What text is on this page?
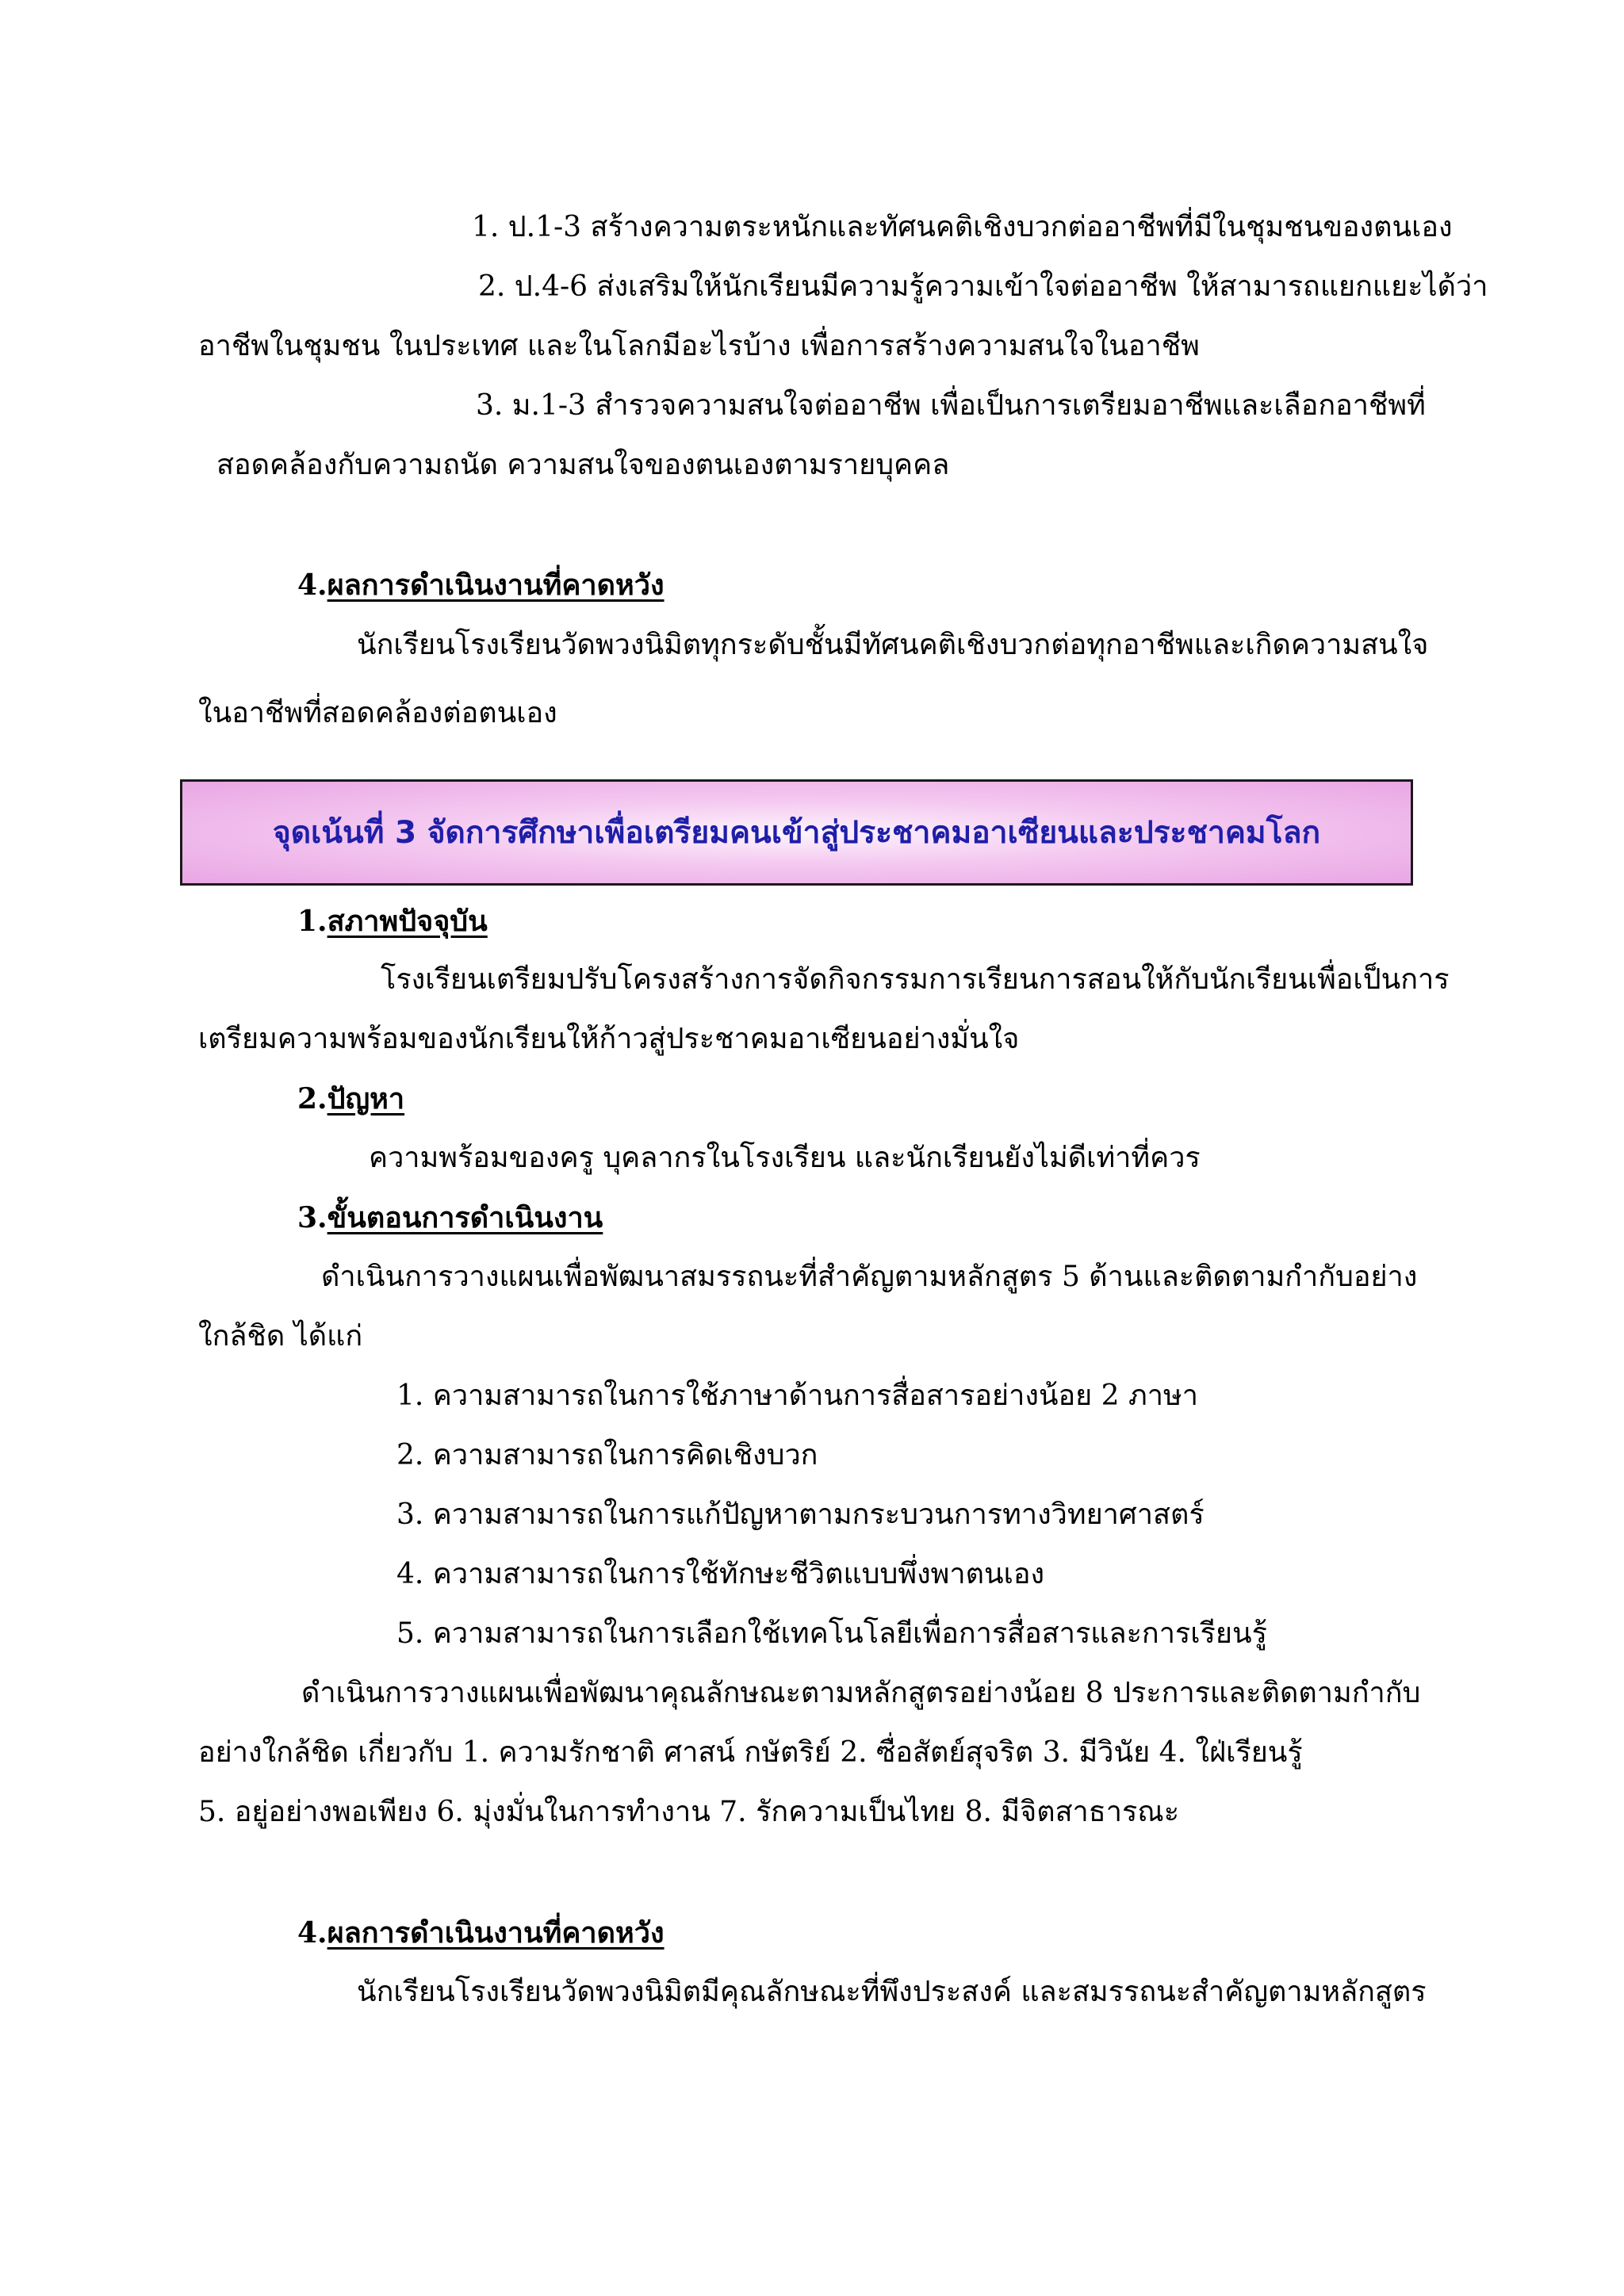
1. ป.1-3 สร้างความตระหนักและทัศนคติเชิงบวกต่ออาชีพที่มีในชุมชนของตนเอง
2. ป.4-6 ส่งเสริมให้นักเรียนมีความรู้ความเข้าใจต่ออาชีพ ให้สามารถแยกแยะได้ว่า
อาชีพในชุมชน ในประเทศ และในโลกมีอะไรบ้าง เพื่อการสร้างความสนใจในอาชีพ
3. ม.1-3 สำรวจความสนใจต่ออาชีพ เพื่อเป็นการเตรียมอาชีพและเลือกอาชีพที่
สอดคล้องกับความถนัด ความสนใจของตนเองตามรายบุคคล
4.ผลการดำเนินงานที่คาดหวัง
นักเรียนโรงเรียนวัดพวงนิมิตทุกระดับชั้นมีทัศนคติเชิงบวกต่อทุกอาชีพและเกิดความสนใจ
ในอาชีพที่สอดคล้องต่อตนเอง
จุดเน้นที่ 3 จัดการศึกษาเพื่อเตรียมคนเข้าสู่ประชาคมอาเซียนและประชาคมโลก
1.สภาพปัจจุบัน
โรงเรียนเตรียมปรับโครงสร้างการจัดกิจกรรมการเรียนการสอนให้กับนักเรียนเพื่อเป็นการ
เตรียมความพร้อมของนักเรียนให้ก้าวสู่ประชาคมอาเซียนอย่างมั่นใจ
2.ปัญหา
ความพร้อมของครู บุคลากรในโรงเรียน และนักเรียนยังไม่ดีเท่าที่ควร
3.ขั้นตอนการดำเนินงาน
ดำเนินการวางแผนเพื่อพัฒนาสมรรถนะที่สำคัญตามหลักสูตร 5 ด้านและติดตามกำกับอย่าง
ใกล้ชิด ได้แก่
1. ความสามารถในการใช้ภาษาด้านการสื่อสารอย่างน้อย 2 ภาษา
2. ความสามารถในการคิดเชิงบวก
3. ความสามารถในการแก้ปัญหาตามกระบวนการทางวิทยาศาสตร์
4. ความสามารถในการใช้ทักษะชีวิตแบบพึ่งพาตนเอง
5. ความสามารถในการเลือกใช้เทคโนโลยีเพื่อการสื่อสารและการเรียนรู้
ดำเนินการวางแผนเพื่อพัฒนาคุณลักษณะตามหลักสูตรอย่างน้อย 8 ประการและติดตามกำกับ
อย่างใกล้ชิด เกี่ยวกับ 1. ความรักชาติ ศาสน์ กษัตริย์ 2. ซื่อสัตย์สุจริต 3. มีวินัย 4. ใฝ่เรียนรู้
5. อยู่อย่างพอเพียง 6. มุ่งมั่นในการทำงาน 7. รักความเป็นไทย 8. มีจิตสาธารณะ
4.ผลการดำเนินงานที่คาดหวัง
นักเรียนโรงเรียนวัดพวงนิมิตมีคุณลักษณะที่พึงประสงค์ และสมรรถนะสำคัญตามหลักสูตร
